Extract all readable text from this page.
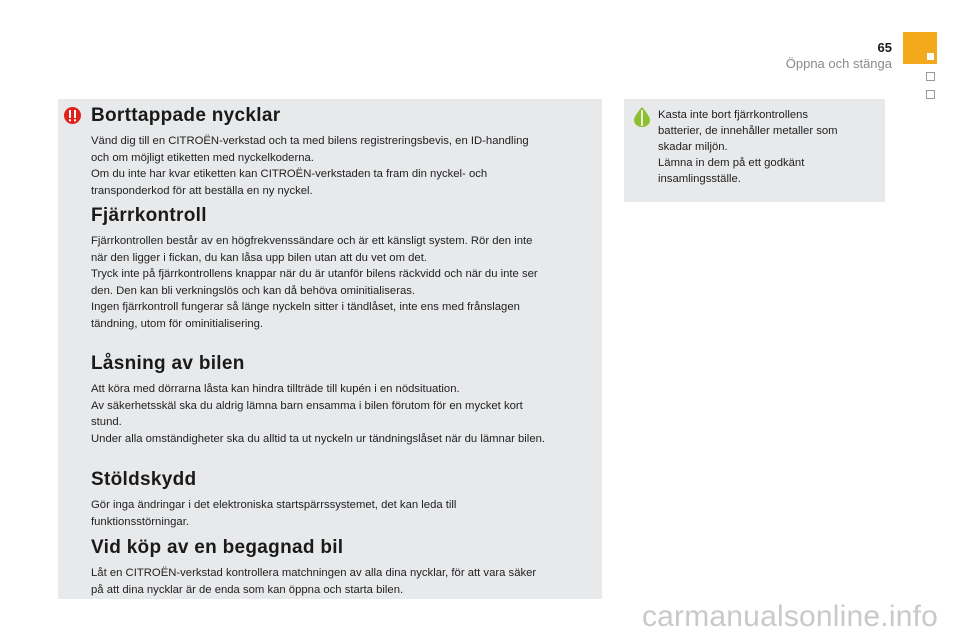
65
Öppna och stänga
Borttappade nycklar

Vänd dig till en CITROËN-verkstad och ta med bilens registreringsbevis, en ID-handling
och om möjligt etiketten med nyckelkoderna.
Om du inte har kvar etiketten kan CITROËN-verkstaden ta fram din nyckel- och
transponderkod för att beställa en ny nyckel.

Fjärrkontroll

Fjärrkontrollen består av en högfrekvenssändare och är ett känsligt system. Rör den inte
när den ligger i fickan, du kan låsa upp bilen utan att du vet om det.
Tryck inte på fjärrkontrollens knappar när du är utanför bilens räckvidd och när du inte ser
den. Den kan bli verkningslös och kan då behöva ominitialiseras.
Ingen fjärrkontroll fungerar så länge nyckeln sitter i tändlåset, inte ens med frånslagen
tändning, utom för ominitialisering.

Låsning av bilen

Att köra med dörrarna låsta kan hindra tillträde till kupén i en nödsituation.
Av säkerhetsskäl ska du aldrig lämna barn ensamma i bilen förutom för en mycket kort
stund.
Under alla omständigheter ska du alltid ta ut nyckeln ur tändningslåset när du lämnar bilen.

Stöldskydd

Gör inga ändringar i det elektroniska startspärrssystemet, det kan leda till
funktionsstörningar.

Vid köp av en begagnad bil

Låt en CITROËN-verkstad kontrollera matchningen av alla dina nycklar, för att vara säker
på att dina nycklar är de enda som kan öppna och starta bilen.

Kasta inte bort fjärrkontrollens
batterier, de innehåller metaller som
skadar miljön.
Lämna in dem på ett godkänt
insamlingsställe.

carmanualsonline.info
